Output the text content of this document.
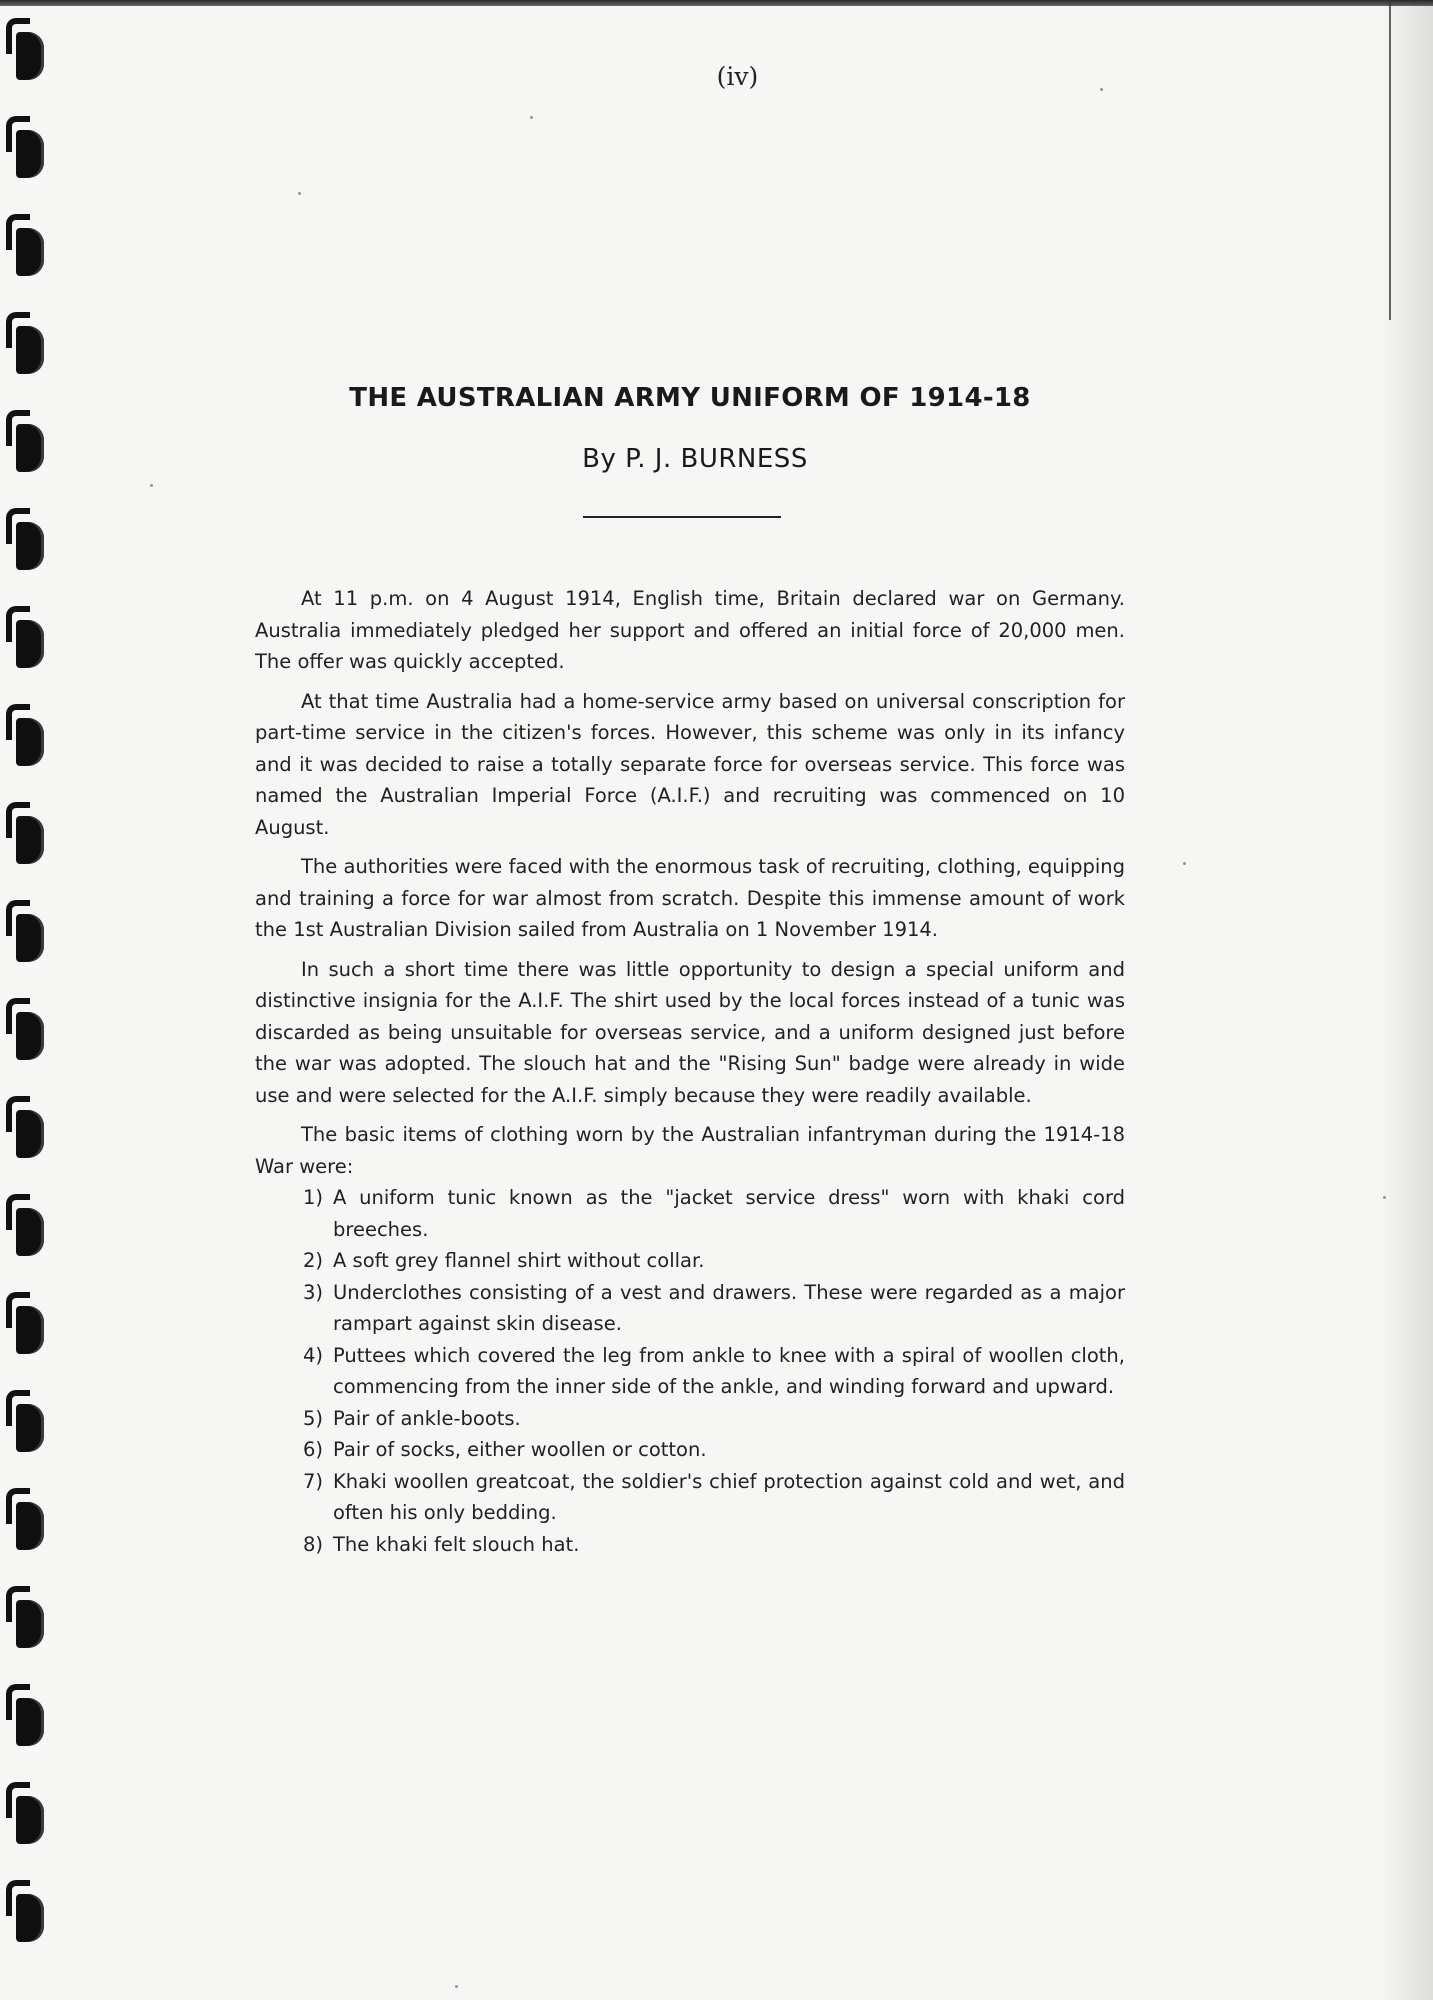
(iv)
THE AUSTRALIAN ARMY UNIFORM OF 1914-18
By P. J. BURNESS

At 11 p.m. on 4 August 1914, English time, Britain declared war on Germany. Australia immediately pledged her support and offered an initial force of 20,000 men. The offer was quickly accepted.

At that time Australia had a home-service army based on universal conscription for part-time service in the citizen's forces. However, this scheme was only in its infancy and it was decided to raise a totally separate force for overseas service. This force was named the Australian Imperial Force (A.I.F.) and recruiting was commenced on 10 August.

The authorities were faced with the enormous task of recruiting, clothing, equipping and training a force for war almost from scratch. Despite this immense amount of work the 1st Australian Division sailed from Australia on 1 November 1914.

In such a short time there was little opportunity to design a special uniform and distinctive insignia for the A.I.F. The shirt used by the local forces instead of a tunic was discarded as being unsuitable for overseas service, and a uniform designed just before the war was adopted. The slouch hat and the "Rising Sun" badge were already in wide use and were selected for the A.I.F. simply because they were readily available.

The basic items of clothing worn by the Australian infantryman during the 1914-18 War were:

1) A uniform tunic known as the "jacket service dress" worn with khaki cord breeches.
2) A soft grey flannel shirt without collar.
3) Underclothes consisting of a vest and drawers. These were regarded as a major rampart against skin disease.
4) Puttees which covered the leg from ankle to knee with a spiral of woollen cloth, commencing from the inner side of the ankle, and winding forward and upward.
5) Pair of ankle-boots.
6) Pair of socks, either woollen or cotton.
7) Khaki woollen greatcoat, the soldier's chief protection against cold and wet, and often his only bedding.
8) The khaki felt slouch hat.
